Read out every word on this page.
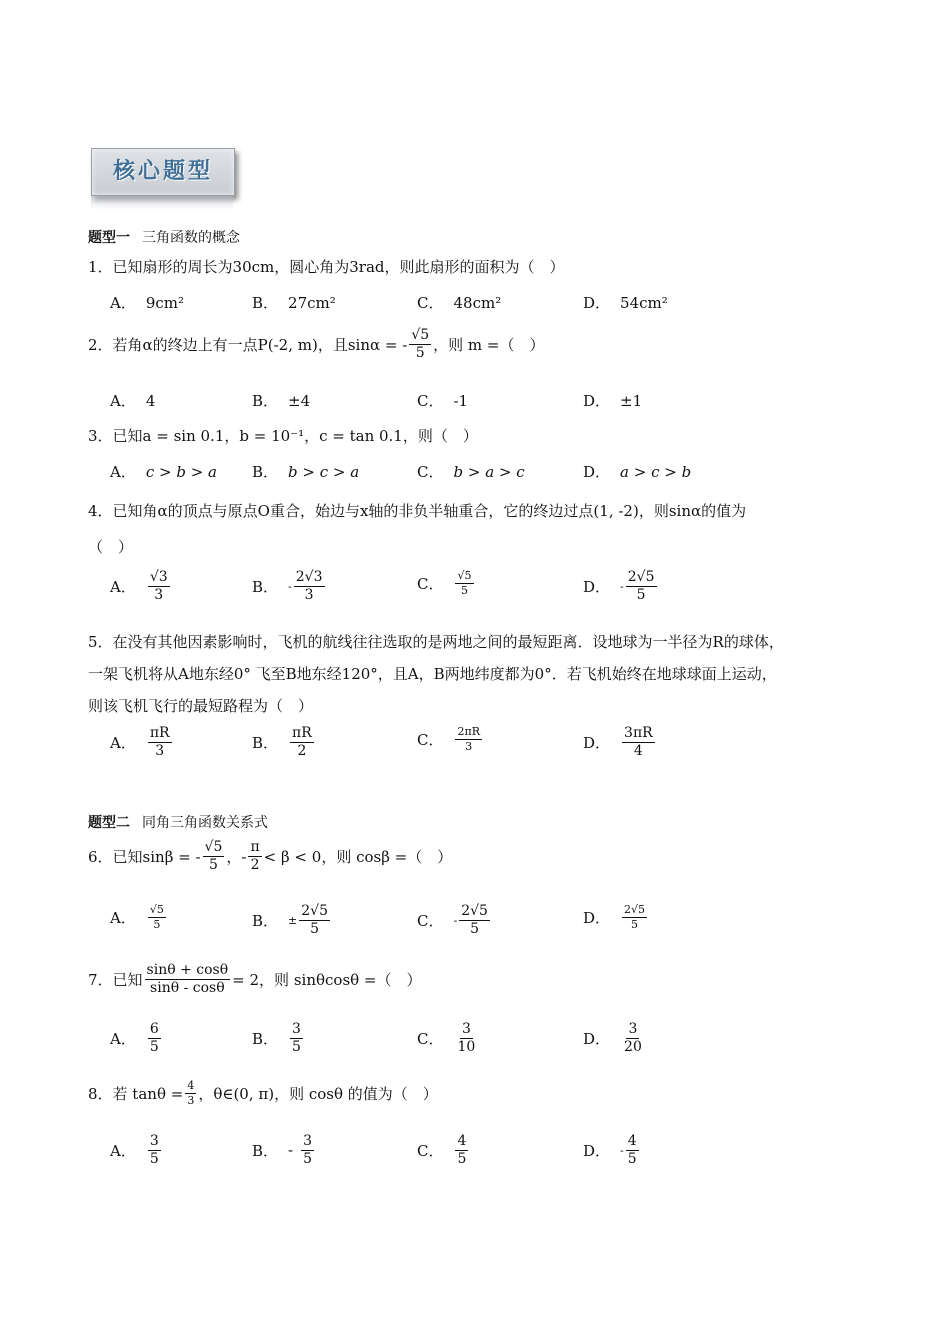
核心题型
题型一 三角函数的概念
1．已知扇形的周长为30cm，圆心角为3rad，则此扇形的面积为（　）
A． 9cm²	B． 27cm²	C． 48cm²	D． 54cm²
2．若角α的终边上有一点P(-2, m)，且sinα = - $\frac{√5}{5}$ ，则 m =（　）
A． 4	B． ±4	C． -1	D． ±1
3．已知a = sin 0.1，b = 10⁻¹，c = tan 0.1，则（　）
A． c > b > a B． b > c > a	C． b > a > c	D． a > c > b
4．已知角α的顶点与原点O重合，始边与x轴的非负半轴重合，它的终边过点(1, -2)，则sinα的值为
（　）
A． $\frac{√3}{3}$	B． - $\frac{2√3}{3}$	C． $\frac{√5}{5}$	D． - $\frac{2√5}{5}$
5．在没有其他因素影响时，飞机的航线往往选取的是两地之间的最短距离．设地球为一半径为R的球体，
一架飞机将从A地东经0° 飞至B地东经120°，且A，B两地纬度都为0°．若飞机始终在地球球面上运动，
则该飞机飞行的最短路程为（　）
A． $\frac{\pi R}{3}$	B． $\frac{\pi R}{2}$	C． $\frac{2\pi R}{3}$	D． $\frac{3\pi R}{4}$
题型二 同角三角函数关系式
6．已知sinβ = - $\frac{√5}{5}$ ，- $\frac{\pi}{2} < \beta < 0$，则 cosβ =（　）
A． $\frac{√5}{5}$	B． ± $\frac{2√5}{5}$	C． - $\frac{2√5}{5}$	D． $\frac{2√5}{5}$
7．已知 $\frac{\sin\theta + \cos\theta}{\sin\theta - \cos\theta} = 2$，则 sinθcosθ =（　）
A． $\frac{6}{5}$	B． $\frac{3}{5}$	C． $\frac{3}{10}$	D． $\frac{3}{20}$
8．若 $\tan\theta = \frac{4}{3}$ ，θ∈(0, π)，则 cosθ 的值为（　）
A． $\frac{3}{5}$	B． - $\frac{3}{5}$	C． $\frac{4}{5}$	D． - $\frac{4}{5}$
